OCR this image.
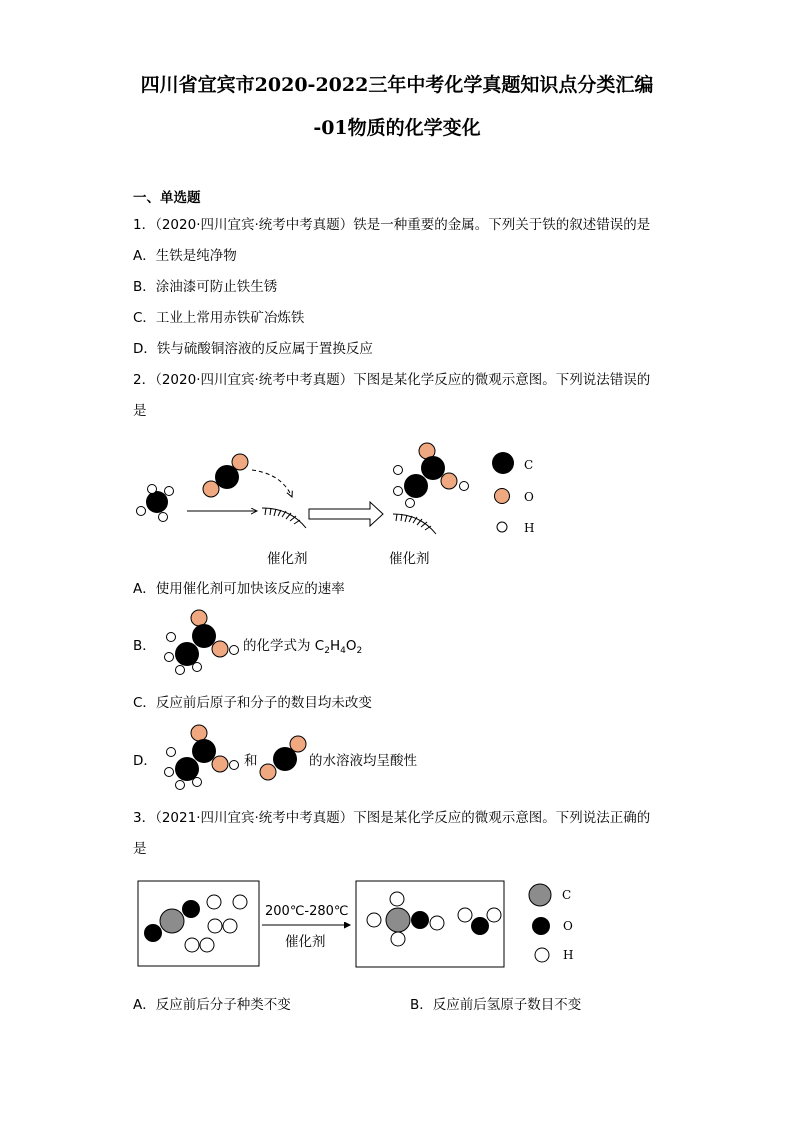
四川省宜宾市2020-2022三年中考化学真题知识点分类汇编
-01物质的化学变化
一、单选题
1．（2020·四川宜宾·统考中考真题）铁是一种重要的金属。下列关于铁的叙述错误的是
A．生铁是纯净物
B．涂油漆可防止铁生锈
C．工业上常用赤铁矿冶炼铁
D．铁与硫酸铜溶液的反应属于置换反应
2．（2020·四川宜宾·统考中考真题）下图是某化学反应的微观示意图。下列说法错误的
是
C
O
H
催化剂	催化剂
A．使用催化剂可加快该反应的速率
B．	的化学式为 $C_2H_4O_2$
C．反应前后原子和分子的数目均未改变
D．	和	的水溶液均呈酸性
3．（2021·四川宜宾·统考中考真题）下图是某化学反应的微观示意图。下列说法正确的
是
200℃-280℃
催化剂
C
O
H
A．反应前后分子种类不变	B．反应前后氢原子数目不变
